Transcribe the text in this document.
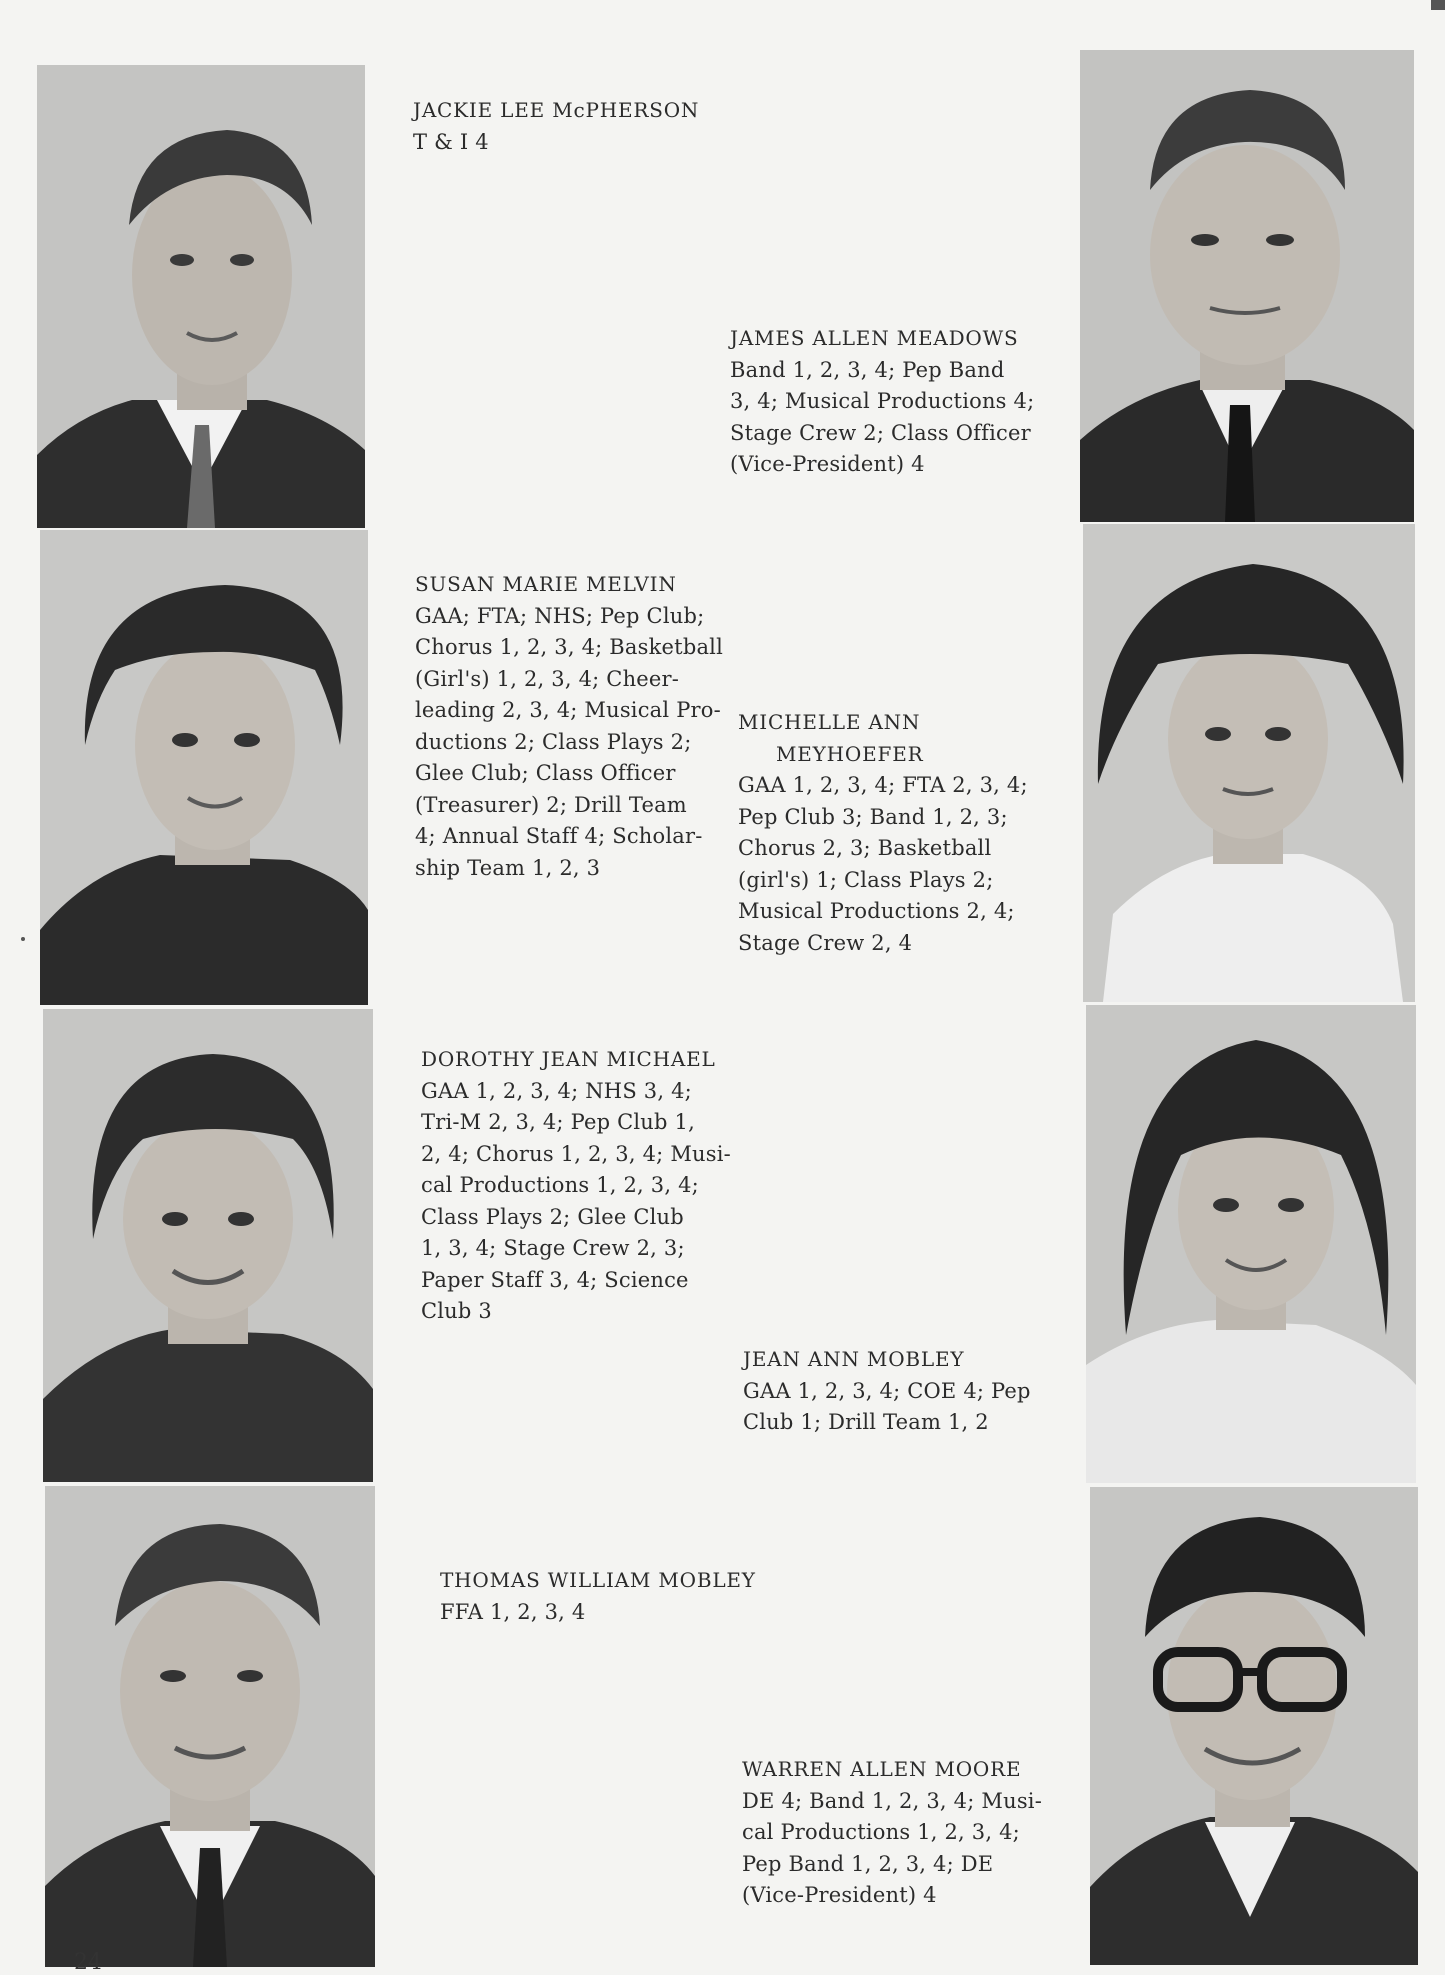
JACKIE LEE McPHERSON
T & I 4
JAMES ALLEN MEADOWS
Band 1, 2, 3, 4; Pep Band
3, 4; Musical Productions 4;
Stage Crew 2; Class Officer
(Vice-President) 4
SUSAN MARIE MELVIN
GAA; FTA; NHS; Pep Club;
Chorus 1, 2, 3, 4; Basketball
(Girl's) 1, 2, 3, 4; Cheer-
leading 2, 3, 4; Musical Pro-
ductions 2; Class Plays 2;
Glee Club; Class Officer
(Treasurer) 2; Drill Team
4; Annual Staff 4; Scholar-
ship Team 1, 2, 3
MICHELLE ANN
MEYHOEFER
GAA 1, 2, 3, 4; FTA 2, 3, 4;
Pep Club 3; Band 1, 2, 3;
Chorus 2, 3; Basketball
(girl's) 1; Class Plays 2;
Musical Productions 2, 4;
Stage Crew 2, 4
DOROTHY JEAN MICHAEL
GAA 1, 2, 3, 4; NHS 3, 4;
Tri-M 2, 3, 4; Pep Club 1,
2, 4; Chorus 1, 2, 3, 4; Musi-
cal Productions 1, 2, 3, 4;
Class Plays 2; Glee Club
1, 3, 4; Stage Crew 2, 3;
Paper Staff 3, 4; Science
Club 3
JEAN ANN MOBLEY
GAA 1, 2, 3, 4; COE 4; Pep
Club 1; Drill Team 1, 2
THOMAS WILLIAM MOBLEY
FFA 1, 2, 3, 4
WARREN ALLEN MOORE
DE 4; Band 1, 2, 3, 4; Musi-
cal Productions 1, 2, 3, 4;
Pep Band 1, 2, 3, 4; DE
(Vice-President) 4
24
